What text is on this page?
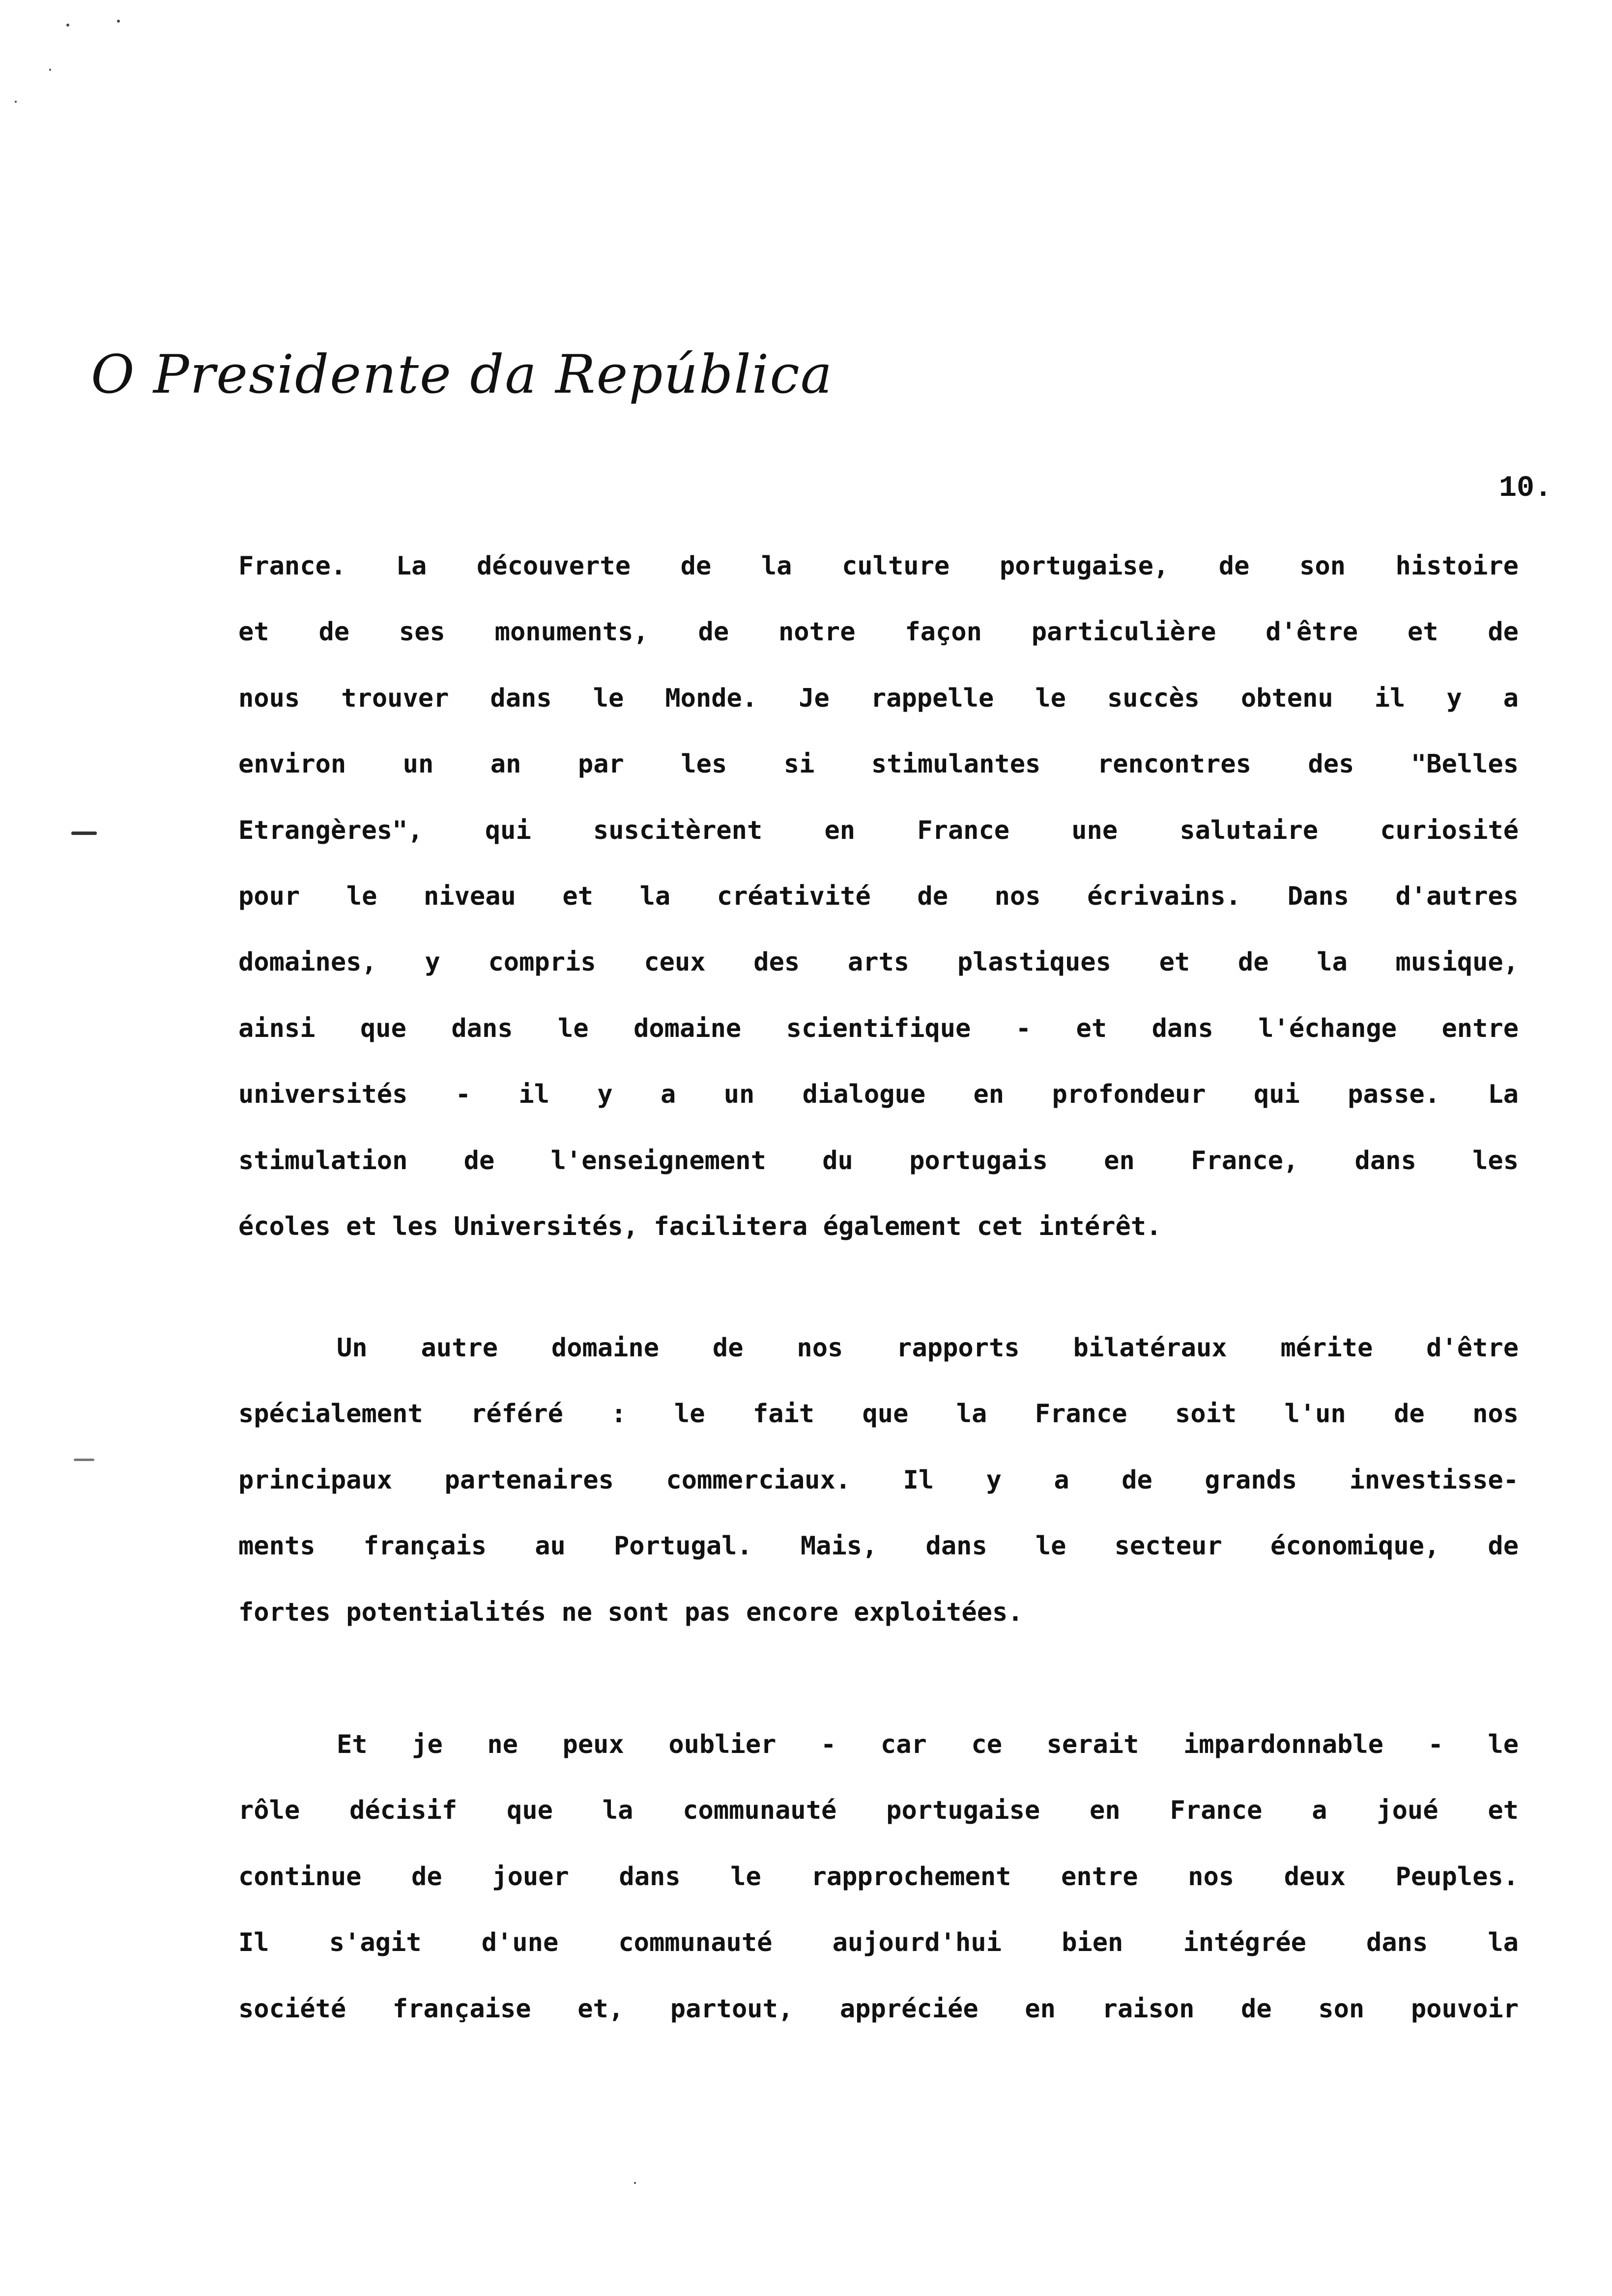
O Presidente da República
10.
France. La découverte de la culture portugaise, de son histoire
et de ses monuments, de notre façon particulière d'être et de
nous trouver dans le Monde. Je rappelle le succès obtenu il y a
environ un an par les si stimulantes rencontres des "Belles
Etrangères", qui suscitèrent en France une salutaire curiosité
pour le niveau et la créativité de nos écrivains. Dans d'autres
domaines, y compris ceux des arts plastiques et de la musique,
ainsi que dans le domaine scientifique - et dans l'échange entre
universités - il y a un dialogue en profondeur qui passe. La
stimulation de l'enseignement du portugais en France, dans les
écoles et les Universités, facilitera également cet intérêt.
Un autre domaine de nos rapports bilatéraux mérite d'être
spécialement référé : le fait que la France soit l'un de nos
principaux partenaires commerciaux. Il y a de grands investisse-
ments français au Portugal. Mais, dans le secteur économique, de
fortes potentialités ne sont pas encore exploitées.
Et je ne peux oublier - car ce serait impardonnable - le
rôle décisif que la communauté portugaise en France a joué et
continue de jouer dans le rapprochement entre nos deux Peuples.
Il s'agit d'une communauté aujourd'hui bien intégrée dans la
société française et, partout, appréciée en raison de son pouvoir
